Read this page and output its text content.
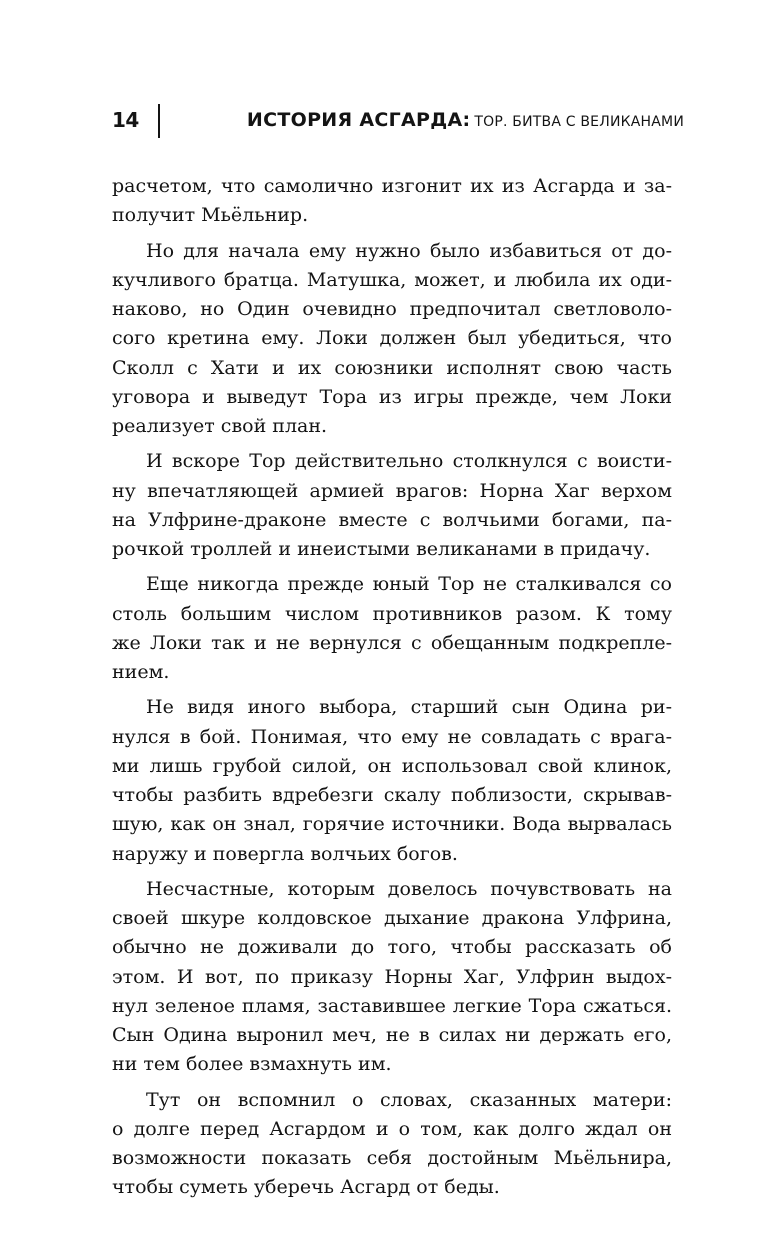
14	ИСТОРИЯ АСГАРДА: ТОР. БИТВА С ВЕЛИКАНАМИ
расчетом, что самолично изгонит их из Асгарда и за-
получит Мьёльнир.
Но для начала ему нужно было избавиться от до-
кучливого братца. Матушка, может, и любила их оди-
наково, но Один очевидно предпочитал светловоло-
сого кретина ему. Локи должен был убедиться, что
Сколл с Хати и их союзники исполнят свою часть
уговора и выведут Тора из игры прежде, чем Локи
реализует свой план.
И вскоре Тор действительно столкнулся с воисти-
ну впечатляющей армией врагов: Норна Хаг верхом
на Улфрине-драконе вместе с волчьими богами, па-
рочкой троллей и инеистыми великанами в придачу.
Еще никогда прежде юный Тор не сталкивался со
столь большим числом противников разом. К тому
же Локи так и не вернулся с обещанным подкрепле-
нием.
Не видя иного выбора, старший сын Одина ри-
нулся в бой. Понимая, что ему не совладать с врага-
ми лишь грубой силой, он использовал свой клинок,
чтобы разбить вдребезги скалу поблизости, скрывав-
шую, как он знал, горячие источники. Вода вырвалась
наружу и повергла волчьих богов.
Несчастные, которым довелось почувствовать на
своей шкуре колдовское дыхание дракона Улфрина,
обычно не доживали до того, чтобы рассказать об
этом. И вот, по приказу Норны Хаг, Улфрин выдох-
нул зеленое пламя, заставившее легкие Тора сжаться.
Сын Одина выронил меч, не в силах ни держать его,
ни тем более взмахнуть им.
Тут он вспомнил о словах, сказанных матери:
о долге перед Асгардом и о том, как долго ждал он
возможности показать себя достойным Мьёльнира,
чтобы суметь уберечь Асгард от беды.
